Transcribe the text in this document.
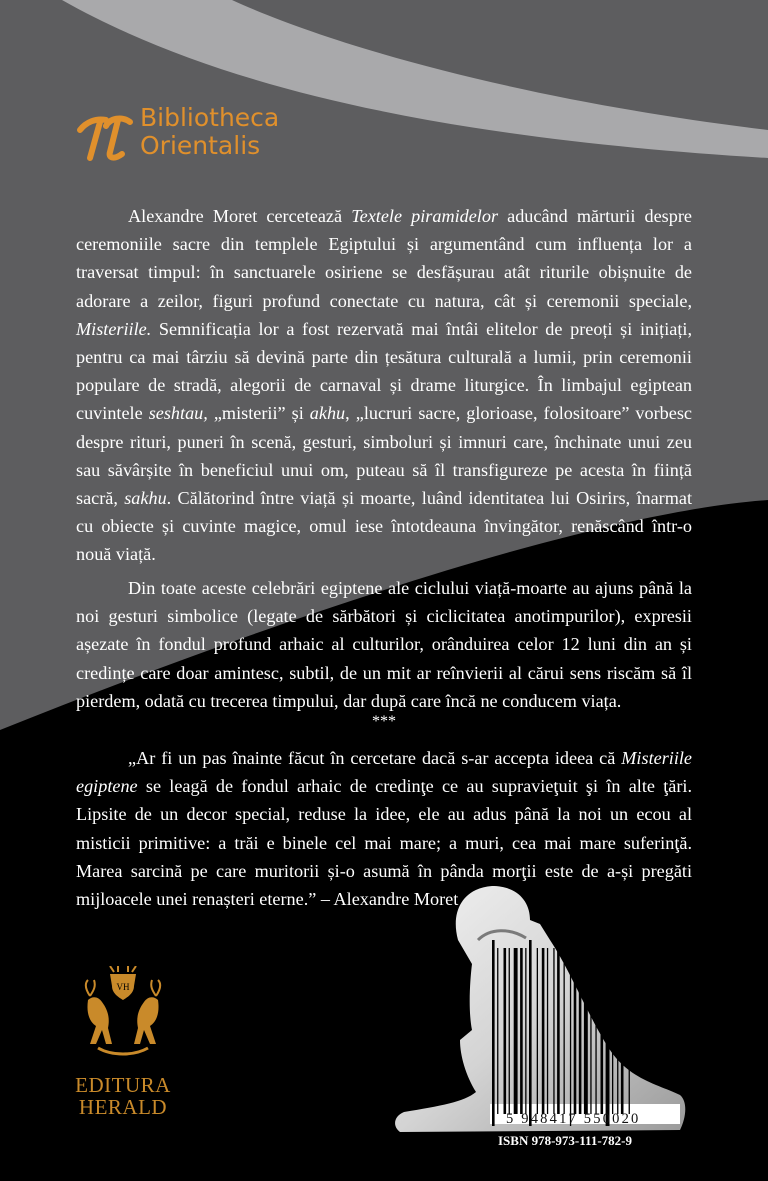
Bibliotheca
Orientalis

Alexandre Moret cercetează Textele piramidelor aducând mărturii despre ceremoniile sacre din templele Egiptului și argumentând cum influența lor a traversat timpul: în sanctuarele osiriene se desfășurau atât riturile obișnuite de adorare a zeilor, figuri profund conectate cu natura, cât și ceremonii speciale, Misteriile. Semnificația lor a fost rezervată mai întâi elitelor de preoți și inițiați, pentru ca mai târziu să devină parte din țesătura culturală a lumii, prin ceremonii populare de stradă, alegorii de carnaval și drame liturgice. În limbajul egiptean cuvintele seshtau, „misterii” și akhu, „lucruri sacre, glorioase, folositoare” vorbesc despre rituri, puneri în scenă, gesturi, simboluri și imnuri care, închinate unui zeu sau săvârșite în beneficiul unui om, puteau să îl transfigureze pe acesta în ființă sacră, sakhu. Călătorind între viață și moarte, luând identitatea lui Osirirs, înarmat cu obiecte și cuvinte magice, omul iese întotdeauna învingător, renăscând într-o nouă viață.

Din toate aceste celebrări egiptene ale ciclului viață-moarte au ajuns până la noi gesturi simbolice (legate de sărbători și ciclicitatea anotimpurilor), expresii așezate în fondul profund arhaic al culturilor, orânduirea celor 12 luni din an și credințe care doar amintesc, subtil, de un mit ar reînvierii al cărui sens riscăm să îl pierdem, odată cu trecerea timpului, dar după care încă ne conducem viața.

***

„Ar fi un pas înainte făcut în cercetare dacă s-ar accepta ideea că Misteriile egiptene se leagă de fondul arhaic de credinţe ce au supravieţuit şi în alte ţări. Lipsite de un decor special, reduse la idee, ele au adus până la noi un ecou al misticii primitive: a trăi e binele cel mai mare; a muri, cea mai mare suferinţă. Marea sarcină pe care muritorii și-o asumă în pânda morţii este de a-și pregăti mijloacele unei renașteri eterne.” – Alexandre Moret

VH
EDITURA
HERALD	5 948417 550020
ISBN 978-973-111-782-9
